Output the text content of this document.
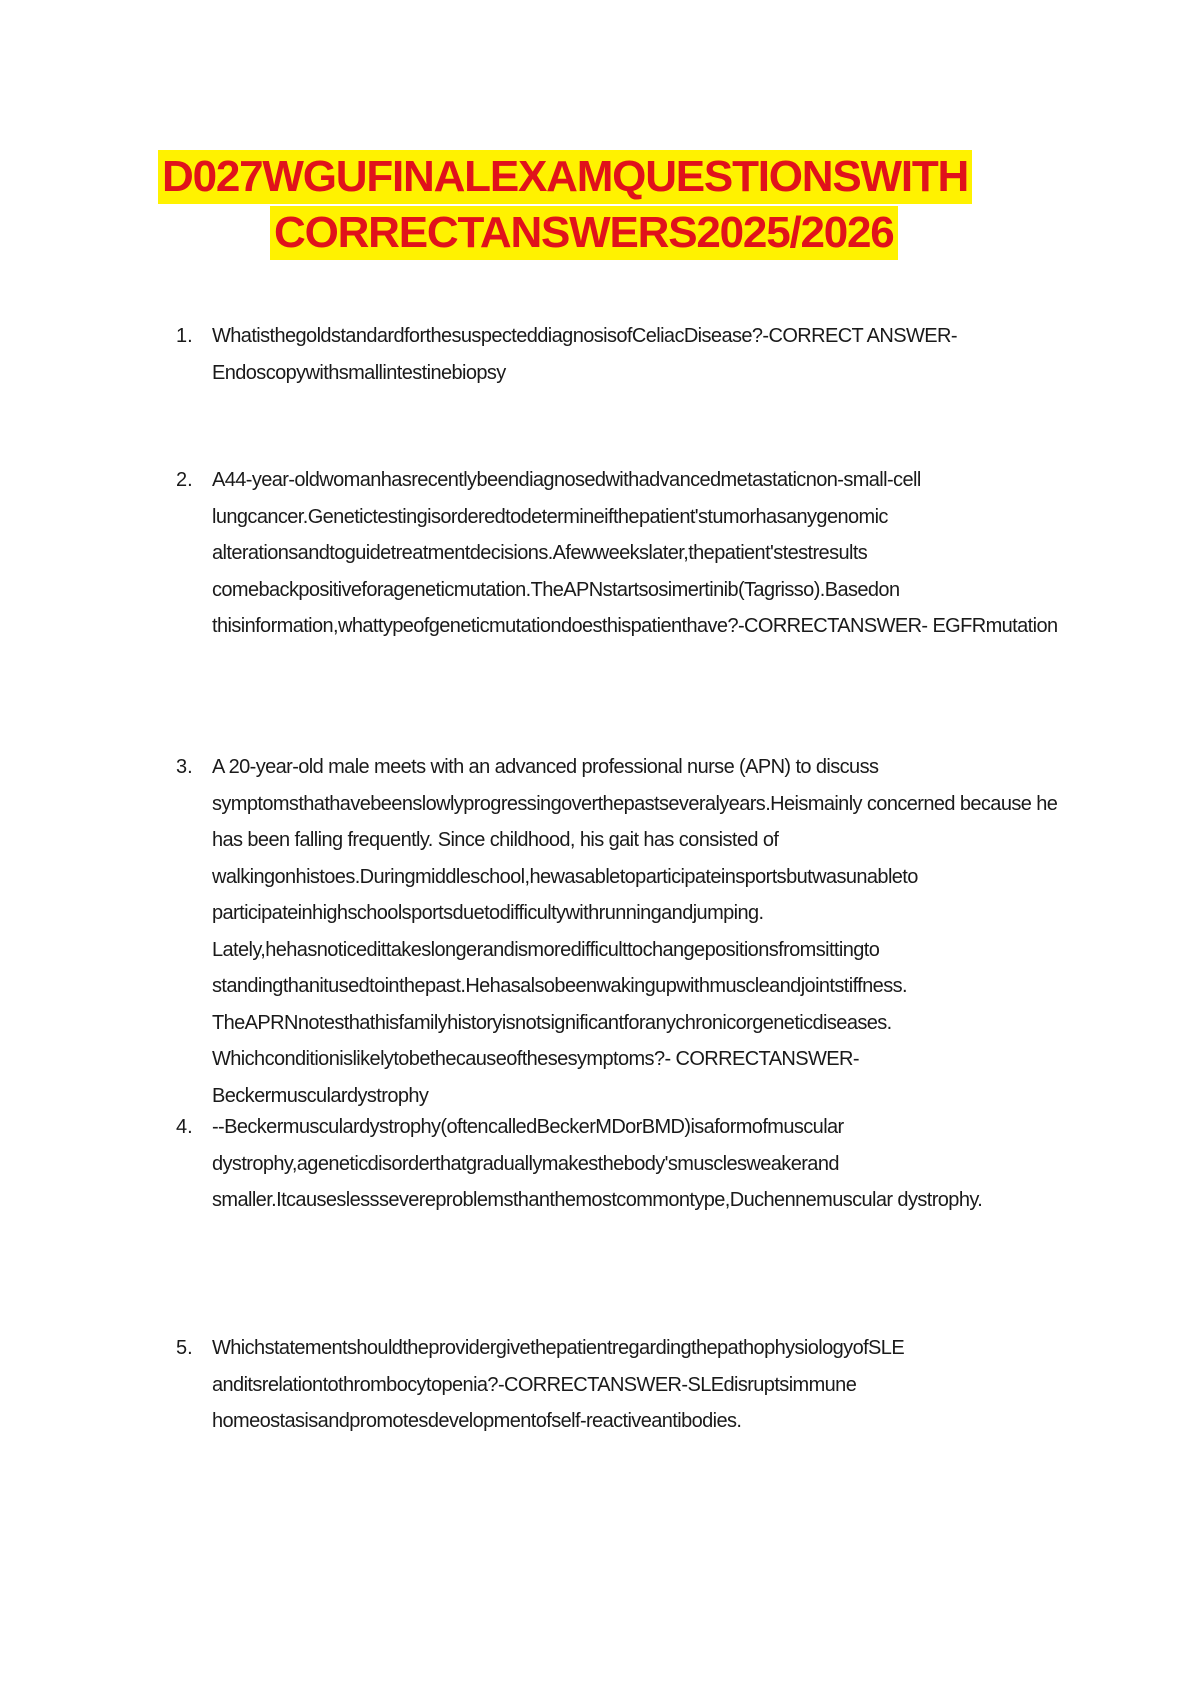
D027WGUFINALEXAMQUESTIONSWITH
CORRECTANSWERS2025/2026
1. Whatisthegoldstandardforthesuspecteddiagnosisof​CeliacDisease?-CORRECT ANSWER-Endoscopywithsmallintestinebiopsy
2. A44-year-oldwomanhasrecentlybeendiagnosedwithadvancedmetastaticnon-small-cell lungcancer.Genetictestingisorderedtodetermineifthepatient'stumorhasanygenomic alterationsandtoguidetreatmentdecisions.Afewweekslater,thepatient'stestresults comebackpositiveforageneticmutation.TheAPNstartsosimertinib(Tagrisso).Basedon thisinformation,whattypeofgeneticmutationdoesthispatienthave?-CORRECTANSWER- EGFRmutation
3. A 20-year-old male meets with an advanced professional nurse (APN) to discuss symptomsthathavebeenslowlyprogressingoverthepastseveralyears.Heismainly concerned because he has been falling frequently. Since childhood, his gait has consisted of walkingonhistoes.Duringmiddleschool,hewasabletoparticipateinsportsbutwasunableto participateinhighschoolsportsduetodifficultywithrunningandjumping. Lately,hehasnoticedittakeslongerandismoredifficulttochangepositionsfromsittingto standingthanitusedtointhepast.Hehasalsobeenwakingupwithmuscleandjointstiffness. TheAPRNnotesthathisfamilyhistoryisnotsignificantforanychronicorgeneticdiseases. Whichconditionislikelytobethecauseofthesesymptoms?- CORRECTANSWER-Beckermusculardystrophy
4. --Beckermusculardystrophy(oftencalledBeckerMDorBMD)isaformofmuscular dystrophy,ageneticdisorderthatgraduallymakesthebody'smusclesweakerand smaller.Itcauseslesssevereproblemsthanthemostcommontype,Duchennemuscular dystrophy.
5. WhichstatementshouldtheprovidergivethepatientregardingthepathophysiologyofSLE anditsrelationtothrombocytopenia?-CORRECTANSWER-SLEdisruptsimmune homeostasisandpromotesdevelopmentofself-reactiveantibodies.
